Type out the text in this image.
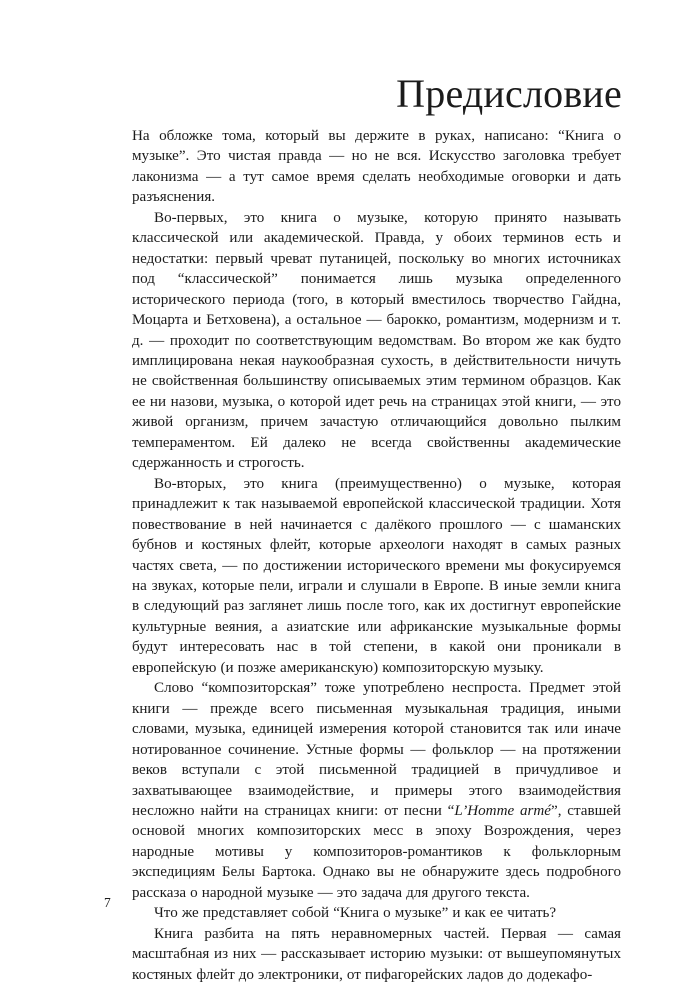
Предисловие

На обложке тома, который вы держите в руках, написано: “Книга о музыке”. Это чистая правда — но не вся. Искусство заголовка требует лаконизма — а тут самое время сделать необходимые оговорки и дать разъяснения.

Во-первых, это книга о музыке, которую принято называть классической или академической. Правда, у обоих терминов есть и недостатки: первый чреват путаницей, поскольку во многих источниках под “классической” понимается лишь музыка определенного исторического периода (того, в который вместилось творчество Гайдна, Моцарта и Бетховена), а остальное — барокко, романтизм, модернизм и т. д. — проходит по соответствующим ведомствам. Во втором же как будто имплицирована некая наукообразная сухость, в действительности ничуть не свойственная большинству описываемых этим термином образцов. Как ее ни назови, музыка, о которой идет речь на страницах этой книги, — это живой организм, причем зачастую отличающийся довольно пылким темпераментом. Ей далеко не всегда свойственны академические сдержанность и строгость.

Во-вторых, это книга (преимущественно) о музыке, которая принадлежит к так называемой европейской классической традиции. Хотя повествование в ней начинается с далёкого прошлого — с шаманских бубнов и костяных флейт, которые археологи находят в самых разных частях света, — по достижении исторического времени мы фокусируемся на звуках, которые пели, играли и слушали в Европе. В иные земли книга в следующий раз заглянет лишь после того, как их достигнут европейские культурные веяния, а азиатские или африканские музыкальные формы будут интересовать нас в той степени, в какой они проникали в европейскую (и позже американскую) композиторскую музыку.

Слово “композиторская” тоже употреблено неспроста. Предмет этой книги — прежде всего письменная музыкальная традиция, иными словами, музыка, единицей измерения которой становится так или иначе нотированное сочинение. Устные формы — фольклор — на протяжении веков вступали с этой письменной традицией в причудливое и захватывающее взаимодействие, и примеры этого взаимодействия несложно найти на страницах книги: от песни “L’Homme armé”, ставшей основой многих композиторских месс в эпоху Возрождения, через народные мотивы у композиторов-романтиков к фольклорным экспедициям Белы Бартока. Однако вы не обнаружите здесь подробного рассказа о народной музыке — это задача для другого текста.

Что же представляет собой “Книга о музыке” и как ее читать?

Книга разбита на пять неравномерных частей. Первая — самая масштабная из них — рассказывает историю музыки: от вышеупомянутых костяных флейт до электроники, от пифагорейских ладов до додекафо-

7
